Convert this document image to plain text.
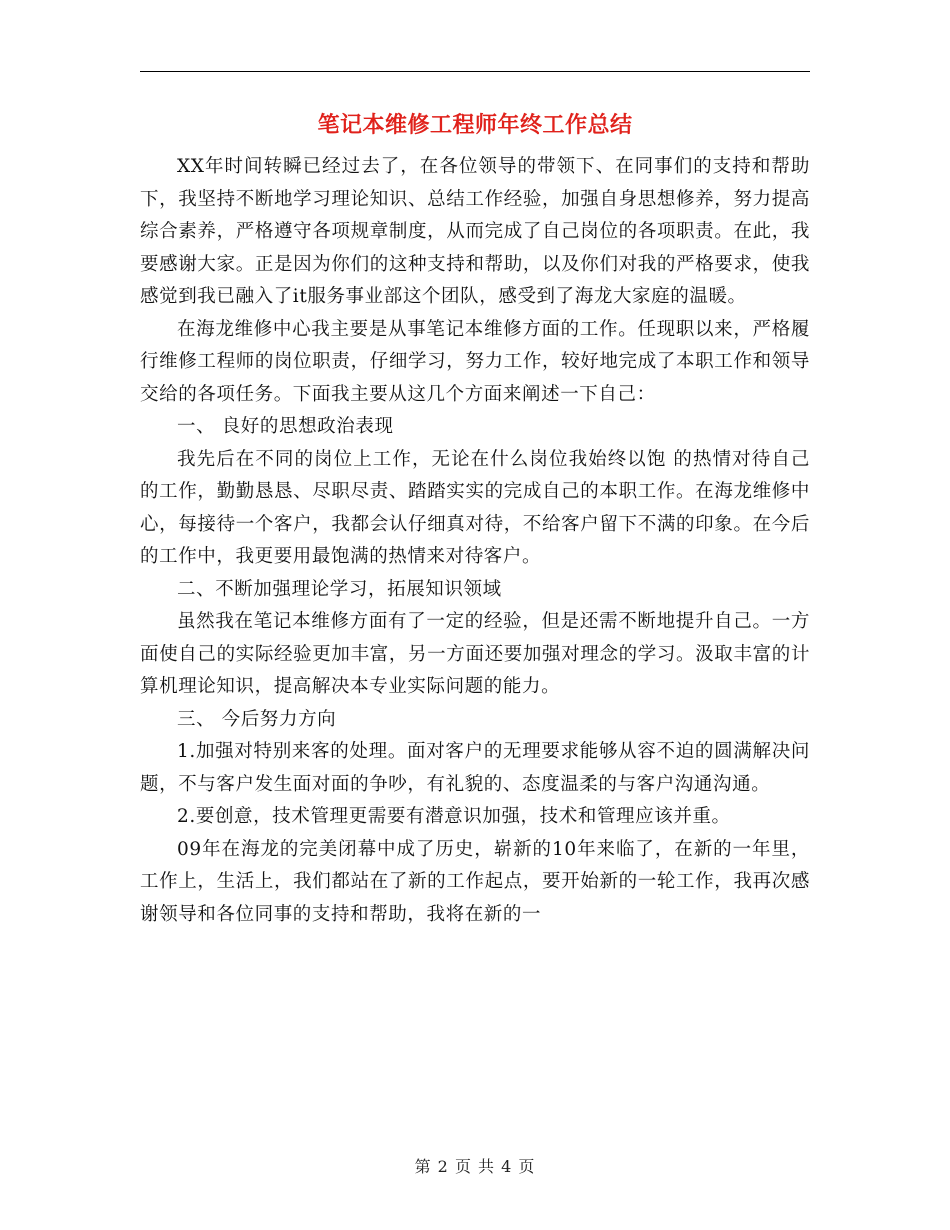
笔记本维修工程师年终工作总结

XX年时间转瞬已经过去了，在各位领导的带领下、在同事们的支持和帮助下，我坚持不断地学习理论知识、总结工作经验，加强自身思想修养，努力提高综合素养，严格遵守各项规章制度，从而完成了自己岗位的各项职责。在此，我要感谢大家。正是因为你们的这种支持和帮助，以及你们对我的严格要求，使我感觉到我已融入了it服务事业部这个团队，感受到了海龙大家庭的温暖。

在海龙维修中心我主要是从事笔记本维修方面的工作。任现职以来，严格履行维修工程师的岗位职责，仔细学习，努力工作，较好地完成了本职工作和领导交给的各项任务。下面我主要从这几个方面来阐述一下自己：

一、 良好的思想政治表现

我先后在不同的岗位上工作，无论在什么岗位我始终以饱 的热情对待自己的工作，勤勤恳恳、尽职尽责、踏踏实实的完成自己的本职工作。在海龙维修中心，每接待一个客户，我都会认仔细真对待，不给客户留下不满的印象。在今后的工作中，我更要用最饱满的热情来对待客户。

二、不断加强理论学习，拓展知识领域

虽然我在笔记本维修方面有了一定的经验，但是还需不断地提升自己。一方面使自己的实际经验更加丰富，另一方面还要加强对理念的学习。汲取丰富的计算机理论知识，提高解决本专业实际问题的能力。

三、 今后努力方向

1.加强对特别来客的处理。面对客户的无理要求能够从容不迫的圆满解决问题，不与客户发生面对面的争吵，有礼貌的、态度温柔的与客户沟通沟通。

2.要创意，技术管理更需要有潜意识加强，技术和管理应该并重。

09年在海龙的完美闭幕中成了历史，崭新的10年来临了，在新的一年里，工作上，生活上，我们都站在了新的工作起点，要开始新的一轮工作，我再次感谢领导和各位同事的支持和帮助，我将在新的一

第 2 页 共 4 页
